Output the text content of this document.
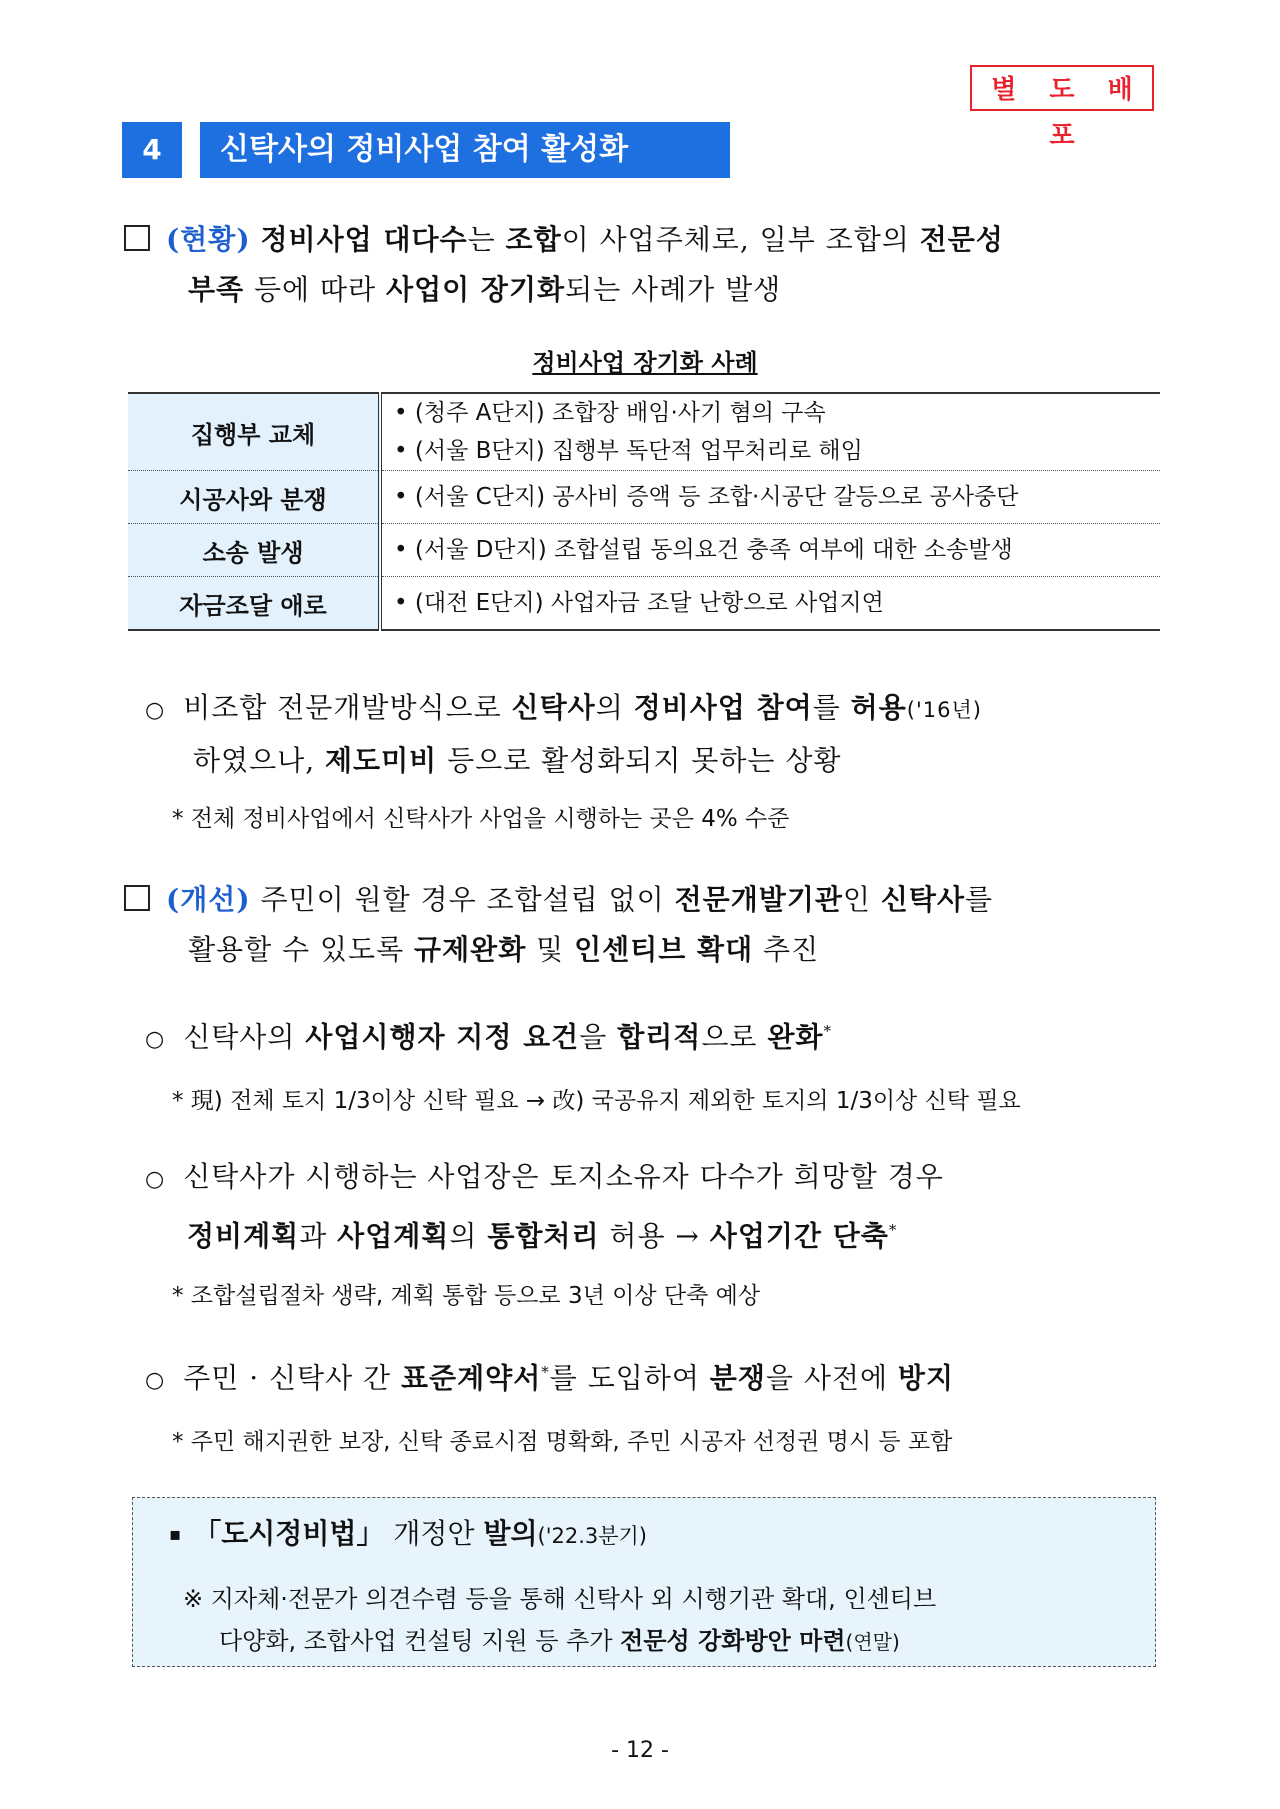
별 도 배 포
4	신탁사의 정비사업 참여 활성화
(현황) 정비사업 대다수는 조합이 사업주체로, 일부 조합의 전문성
부족 등에 따라 사업이 장기화되는 사례가 발생
정비사업 장기화 사례
집행부 교체	• (청주 A단지) 조합장 배임·사기 혐의 구속
• (서울 B단지) 집행부 독단적 업무처리로 해임

시공사와 분쟁	• (서울 C단지) 공사비 증액 등 조합·시공단 갈등으로 공사중단

소송 발생	• (서울 D단지) 조합설립 동의요건 충족 여부에 대한 소송발생

자금조달 애로	• (대전 E단지) 사업자금 조달 난항으로 사업지연
○ 비조합 전문개발방식으로 신탁사의 정비사업 참여를 허용('16년)
하였으나, 제도미비 등으로 활성화되지 못하는 상황
* 전체 정비사업에서 신탁사가 사업을 시행하는 곳은 4% 수준
(개선) 주민이 원할 경우 조합설립 없이 전문개발기관인 신탁사를
활용할 수 있도록 규제완화 및 인센티브 확대 추진
○ 신탁사의 사업시행자 지정 요건을 합리적으로 완화*
* 現) 전체 토지 1/3이상 신탁 필요 → 改) 국공유지 제외한 토지의 1/3이상 신탁 필요
○ 신탁사가 시행하는 사업장은 토지소유자 다수가 희망할 경우
정비계획과 사업계획의 통합처리 허용 → 사업기간 단축*
* 조합설립절차 생략, 계획 통합 등으로 3년 이상 단축 예상
○ 주민 · 신탁사 간 표준계약서*를 도입하여 분쟁을 사전에 방지
* 주민 해지권한 보장, 신탁 종료시점 명확화, 주민 시공자 선정권 명시 등 포함
▪ 「도시정비법」 개정안 발의('22.3분기)
※ 지자체·전문가 의견수렴 등을 통해 신탁사 외 시행기관 확대, 인센티브
다양화, 조합사업 컨설팅 지원 등 추가 전문성 강화방안 마련(연말)
- 12 -
